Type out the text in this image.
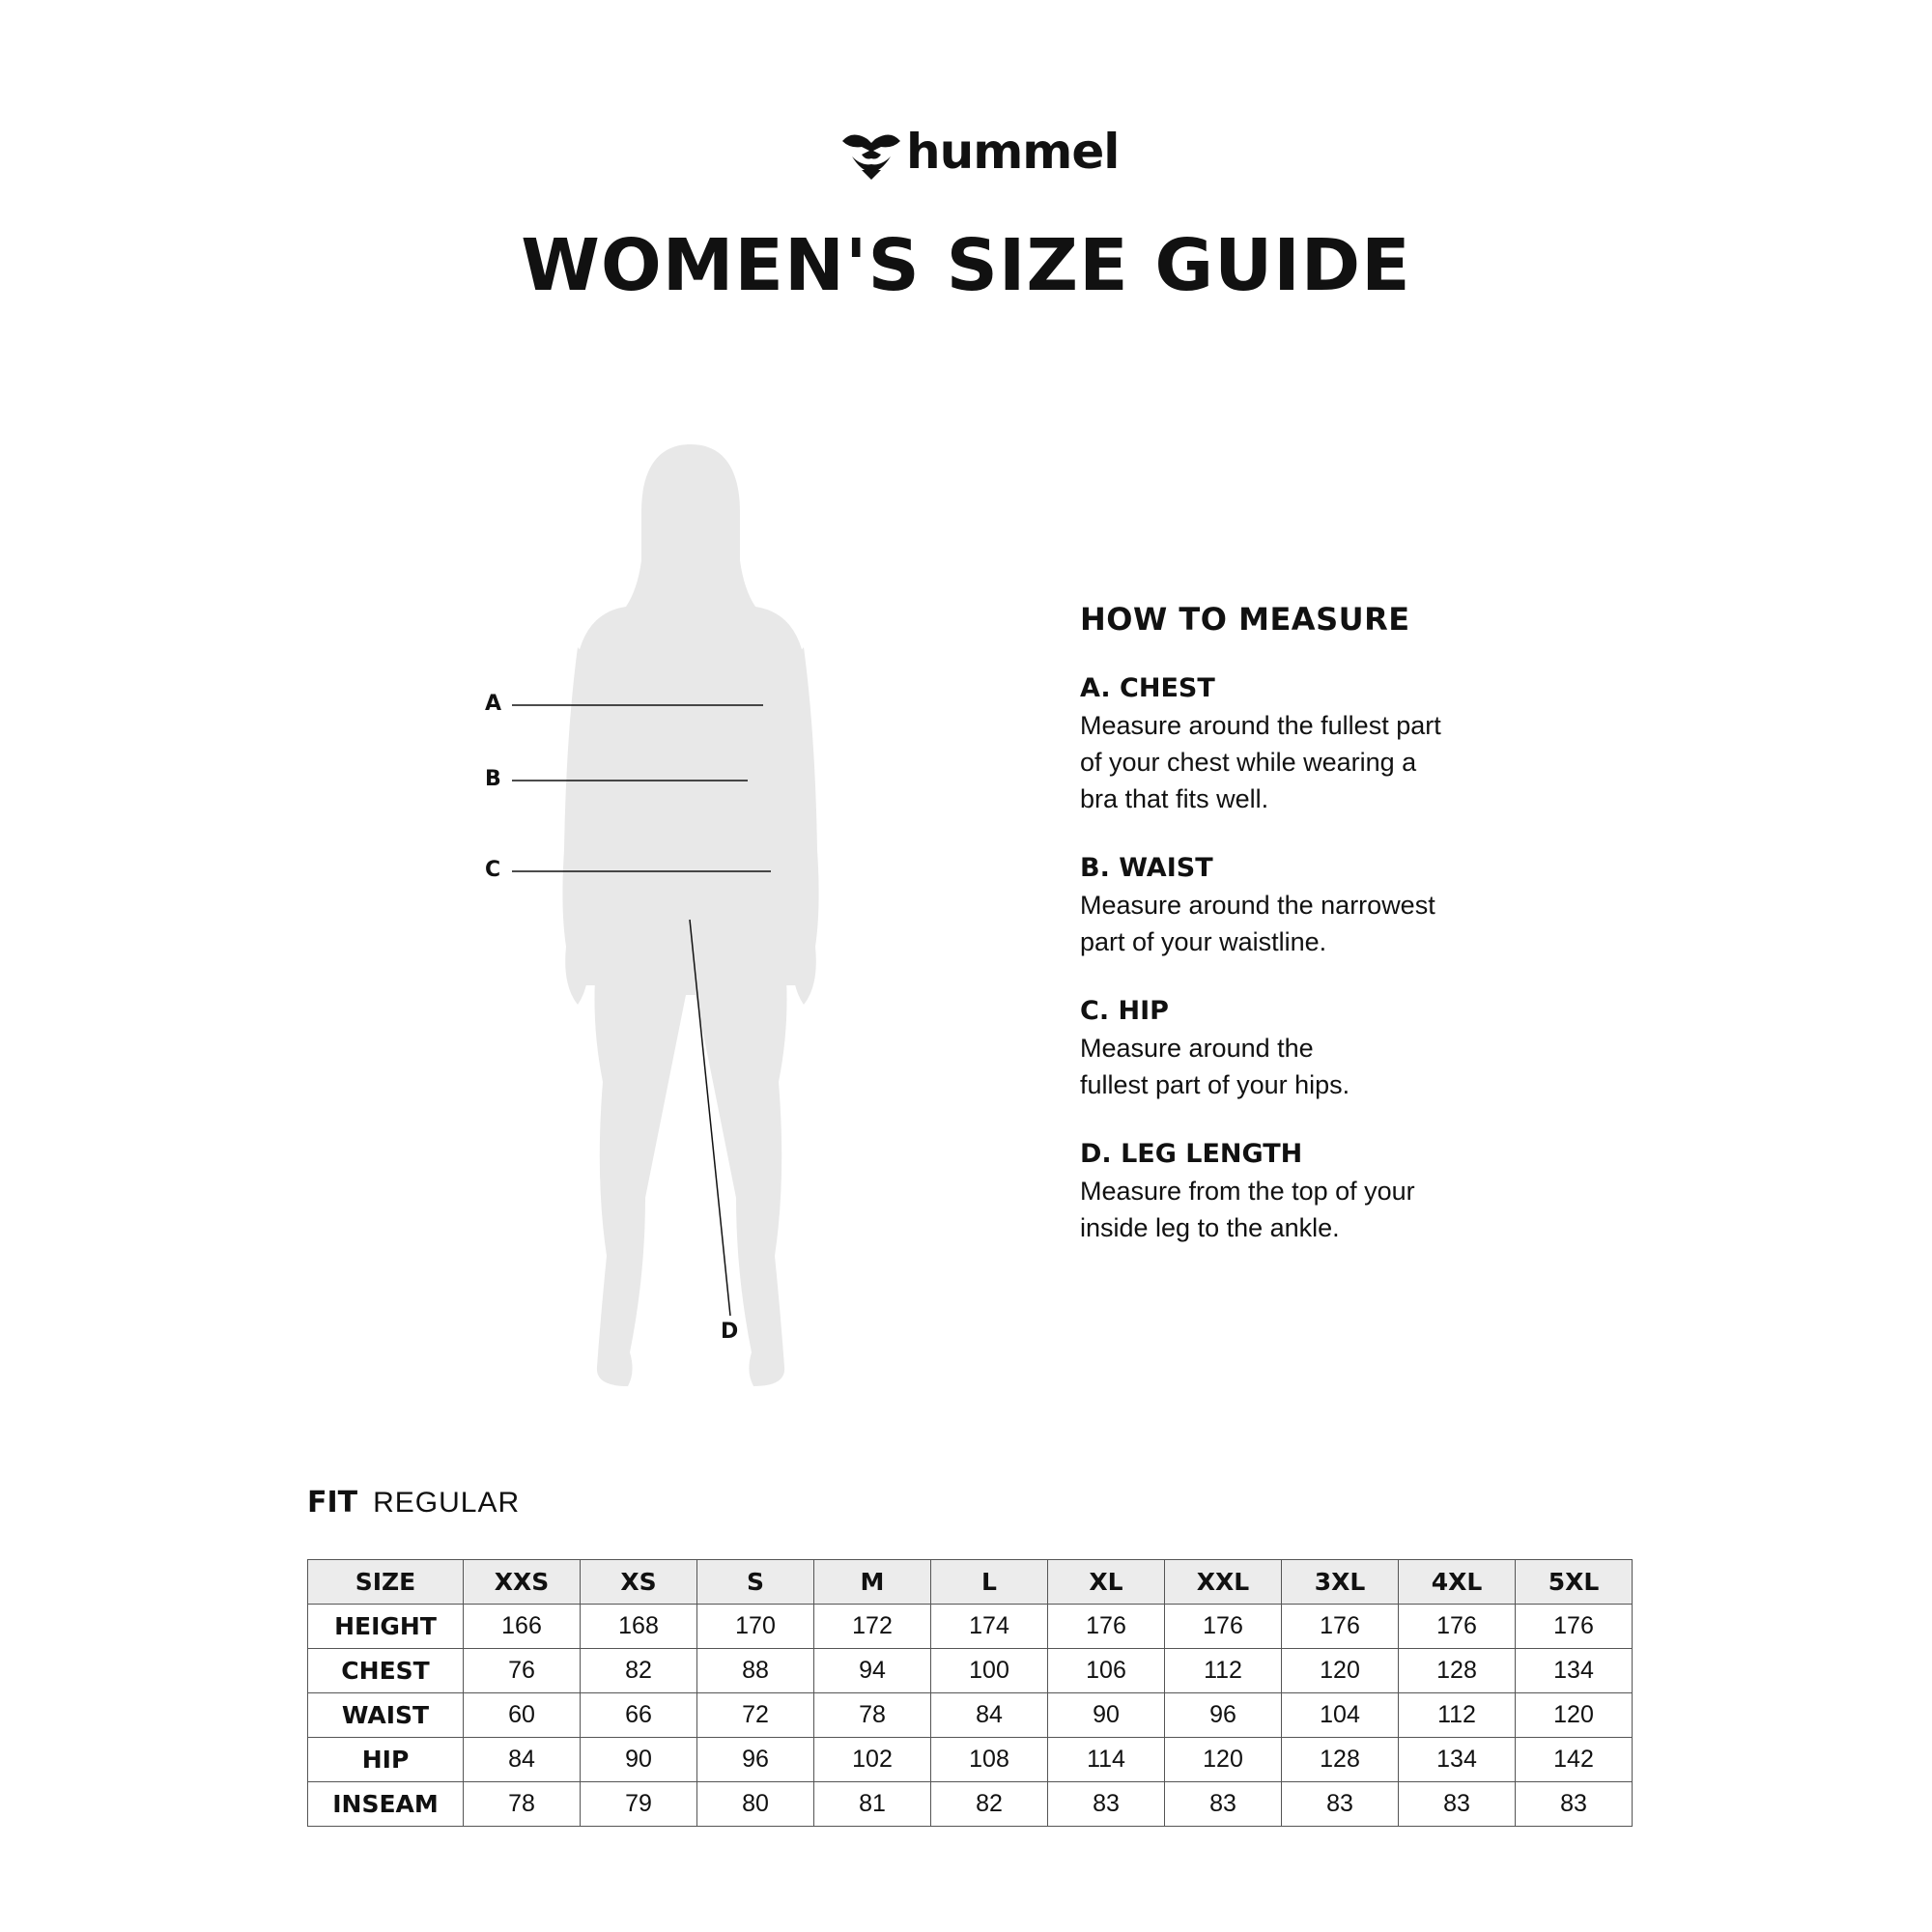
hummel
WOMEN'S SIZE GUIDE
A
B
C
D
HOW TO MEASURE
A. CHEST
Measure around the fullest part
of your chest while wearing a
bra that fits well.
B. WAIST
Measure around the narrowest
part of your waistline.
C. HIP
Measure around the
fullest part of your hips.
D. LEG LENGTH
Measure from the top of your
inside leg to the ankle.
FIT REGULAR
SIZE	XXS	XS	S	M	L	XL	XXL	3XL	4XL	5XL
HEIGHT	166	168	170	172	174	176	176	176	176	176
CHEST	76	82	88	94	100	106	112	120	128	134
WAIST	60	66	72	78	84	90	96	104	112	120
HIP	84	90	96	102	108	114	120	128	134	142
INSEAM	78	79	80	81	82	83	83	83	83	83
